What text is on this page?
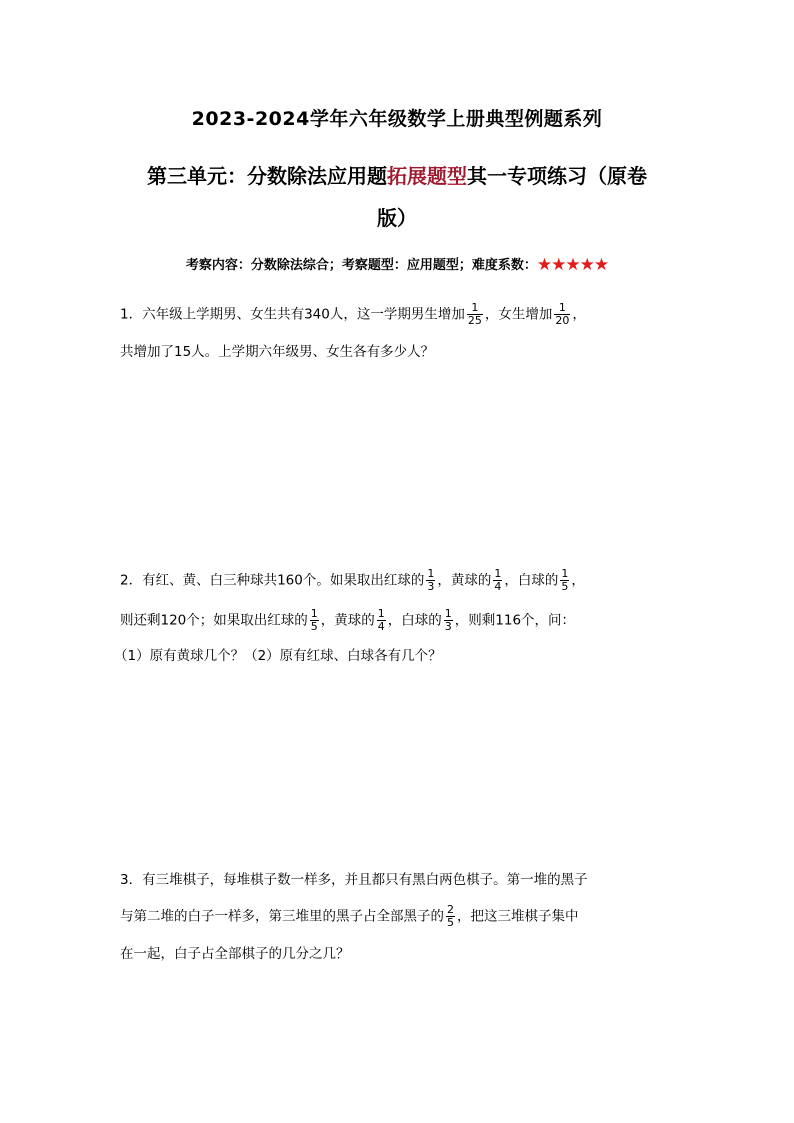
2023-2024学年六年级数学上册典型例题系列
第三单元：分数除法应用题拓展题型其一专项练习（原卷
版）
考察内容：分数除法综合；考察题型：应用题型；难度系数：★★★★★
1．六年级上学期男、女生共有340人，这一学期男生增加 $\frac{1}{25}$ ，女生增加 $\frac{1}{20}$ ，
共增加了15人。上学期六年级男、女生各有多少人？
2．有红、黄、白三种球共160个。如果取出红球的 $\frac{1}{3}$ ，黄球的 $\frac{1}{4}$ ，白球的 $\frac{1}{5}$ ，
则还剩120个；如果取出红球的 $\frac{1}{5}$ ，黄球的 $\frac{1}{4}$ ，白球的 $\frac{1}{3}$ ，则剩116个，问：
（1）原有黄球几个？（2）原有红球、白球各有几个？
3．有三堆棋子，每堆棋子数一样多，并且都只有黑白两色棋子。第一堆的黑子
与第二堆的白子一样多，第三堆里的黑子占全部黑子的 $\frac{2}{5}$ ，把这三堆棋子集中
在一起，白子占全部棋子的几分之几？
